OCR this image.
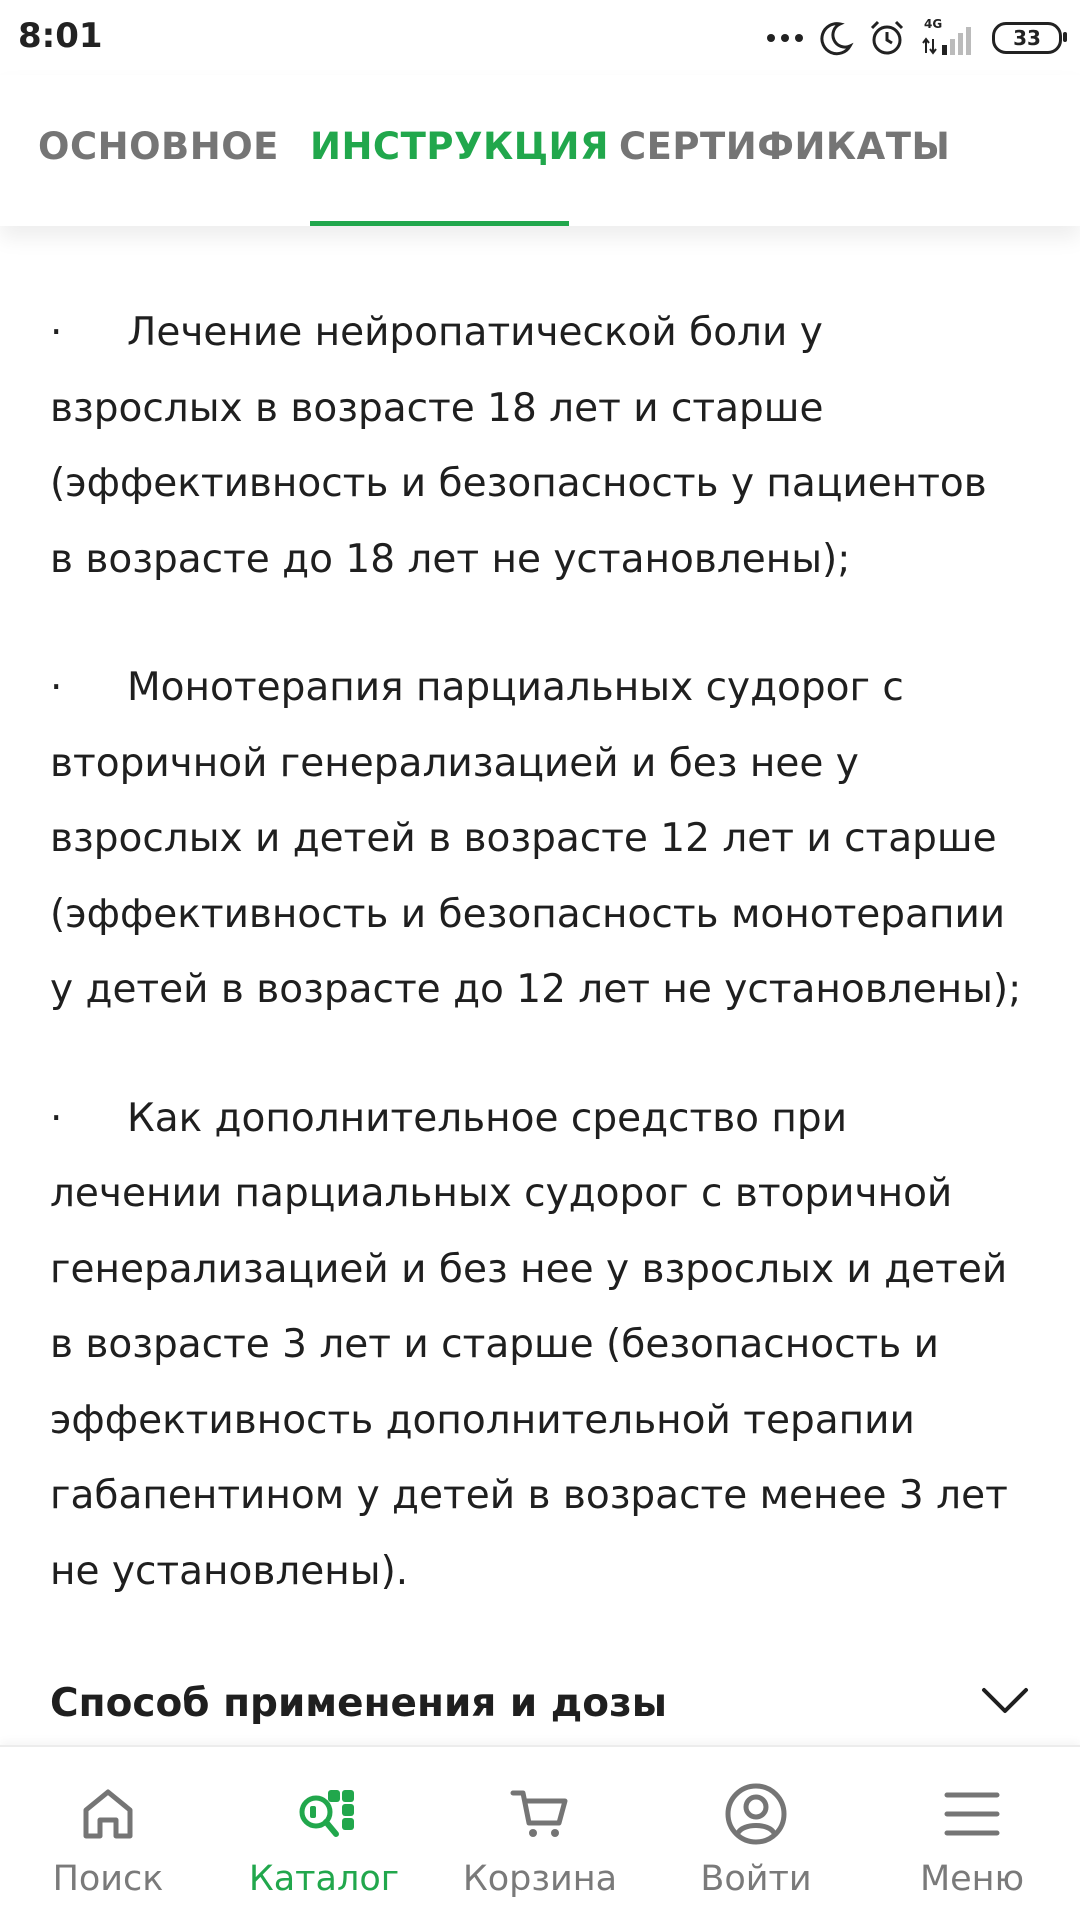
8:01	4G
33
ОСНОВНОЕ ИНСТРУКЦИЯ СЕРТИФИКАТЫ

· Лечение нейропатической боли у
взрослых в возрасте 18 лет и старше
(эффективность и безопасность у пациентов
в возрасте до 18 лет не установлены);

· Монотерапия парциальных судорог с
вторичной генерализацией и без нее у
взрослых и детей в возрасте 12 лет и старше
(эффективность и безопасность монотерапии
у детей в возрасте до 12 лет не установлены);

· Как дополнительное средство при
лечении парциальных судорог с вторичной
генерализацией и без нее у взрослых и детей
в возрасте 3 лет и старше (безопасность и
эффективность дополнительной терапии
габапентином у детей в возрасте менее 3 лет
не установлены).

Способ применения и дозы
Поиск Каталог Корзина Войти	Меню
